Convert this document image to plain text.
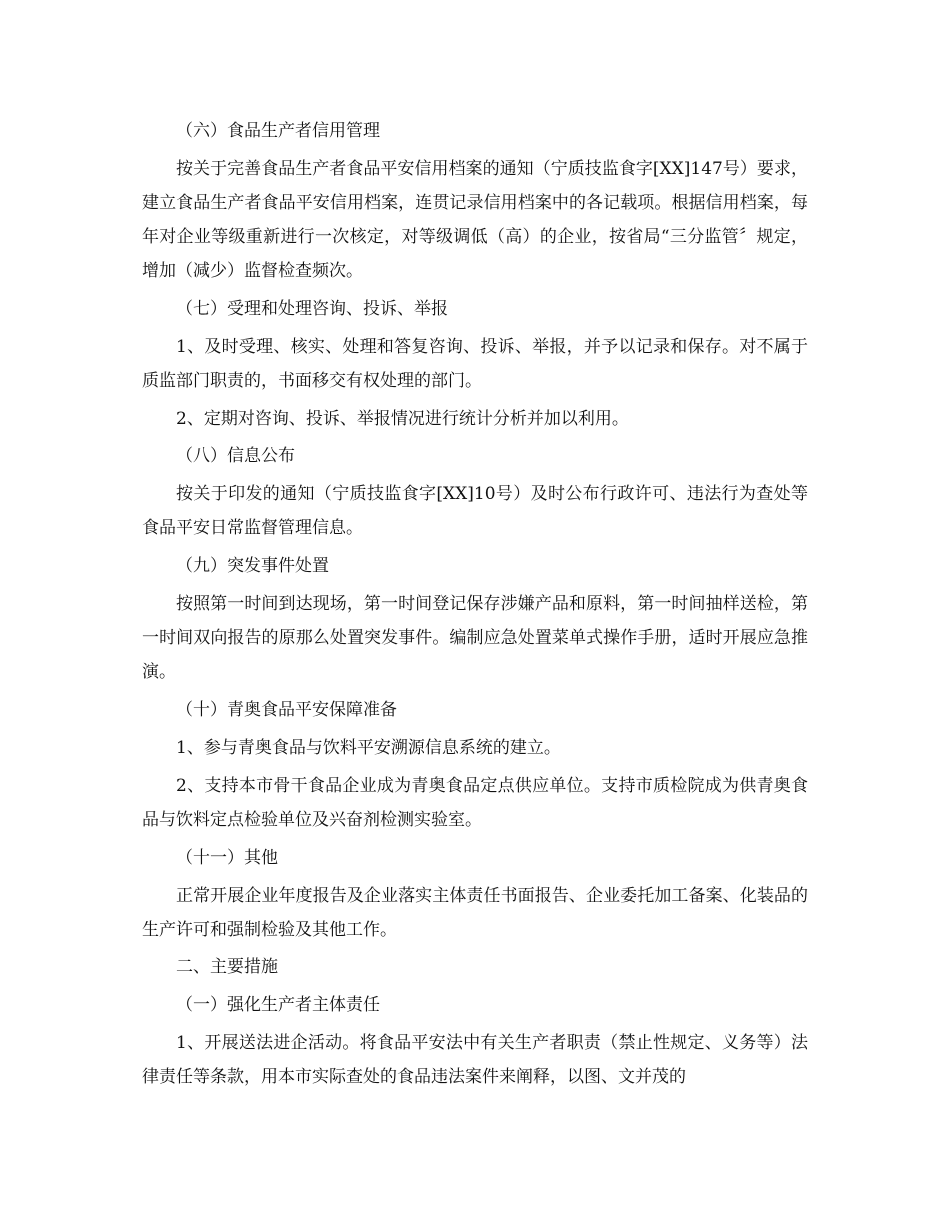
（六）食品生产者信用管理

按关于完善食品生产者食品平安信用档案的通知（宁质技监食字[XX]147号）要求，建立食品生产者食品平安信用档案，连贯记录信用档案中的各记载项。根据信用档案，每年对企业等级重新进行一次核定，对等级调低（高）的企业，按省局“三分监管〞规定，增加（减少）监督检查频次。

（七）受理和处理咨询、投诉、举报

1、及时受理、核实、处理和答复咨询、投诉、举报，并予以记录和保存。对不属于质监部门职责的，书面移交有权处理的部门。

2、定期对咨询、投诉、举报情况进行统计分析并加以利用。

（八）信息公布

按关于印发的通知（宁质技监食字[XX]10号）及时公布行政许可、违法行为查处等食品平安日常监督管理信息。

（九）突发事件处置

按照第一时间到达现场，第一时间登记保存涉嫌产品和原料，第一时间抽样送检，第一时间双向报告的原那么处置突发事件。编制应急处置菜单式操作手册，适时开展应急推演。

（十）青奥食品平安保障准备

1、参与青奥食品与饮料平安溯源信息系统的建立。

2、支持本市骨干食品企业成为青奥食品定点供应单位。支持市质检院成为供青奥食品与饮料定点检验单位及兴奋剂检测实验室。

（十一）其他

正常开展企业年度报告及企业落实主体责任书面报告、企业委托加工备案、化装品的生产许可和强制检验及其他工作。

二、主要措施

（一）强化生产者主体责任

1、开展送法进企活动。将食品平安法中有关生产者职责（禁止性规定、义务等）法律责任等条款，用本市实际查处的食品违法案件来阐释，以图、文并茂的
